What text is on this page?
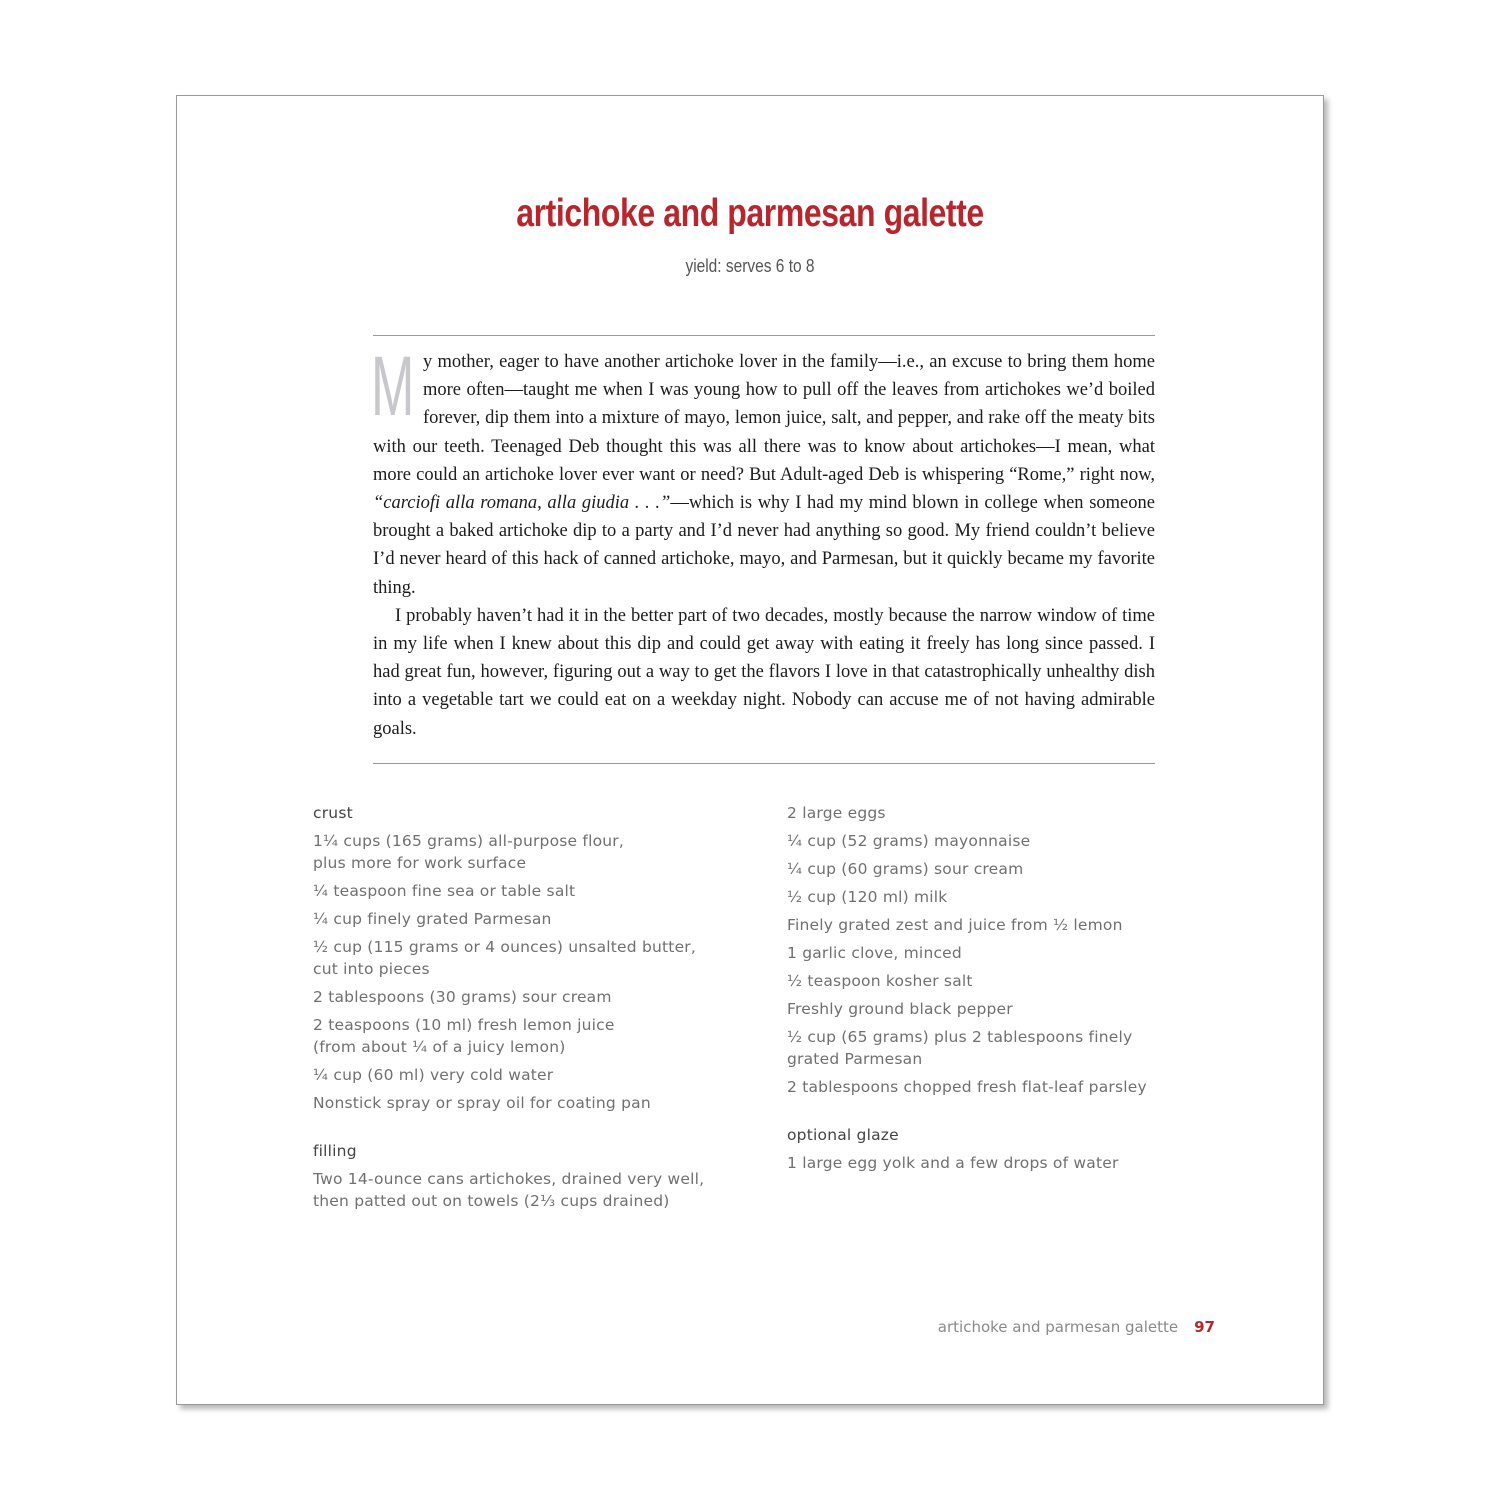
artichoke and parmesan galette
yield: serves 6 to 8

My mother, eager to have another artichoke lover in the family—i.e., an excuse to bring them home more often—taught me when I was young how to pull off the leaves from artichokes we’d boiled forever, dip them into a mixture of mayo, lemon juice, salt, and pepper, and rake off the meaty bits with our teeth. Teenaged Deb thought this was all there was to know about artichokes—I mean, what more could an artichoke lover ever want or need? But Adult-aged Deb is whispering “Rome,” right now, “carciofi alla romana, alla giudia . . .”—which is why I had my mind blown in college when someone brought a baked artichoke dip to a party and I’d never had anything so good. My friend couldn’t believe I’d never heard of this hack of canned artichoke, mayo, and Parmesan, but it quickly became my favorite thing.

I probably haven’t had it in the better part of two decades, mostly because the narrow window of time in my life when I knew about this dip and could get away with eating it freely has long since passed. I had great fun, however, figuring out a way to get the flavors I love in that catastrophically unhealthy dish into a vegetable tart we could eat on a weekday night. Nobody can accuse me of not having admirable goals.

crust
1¼ cups (165 grams) all-purpose flour,
plus more for work surface
¼ teaspoon fine sea or table salt
¼ cup finely grated Parmesan
½ cup (115 grams or 4 ounces) unsalted butter,
cut into pieces
2 tablespoons (30 grams) sour cream
2 teaspoons (10 ml) fresh lemon juice
(from about ¼ of a juicy lemon)
¼ cup (60 ml) very cold water
Nonstick spray or spray oil for coating pan
filling
Two 14-ounce cans artichokes, drained very well,
then patted out on towels (2⅓ cups drained)
2 large eggs
¼ cup (52 grams) mayonnaise
¼ cup (60 grams) sour cream
½ cup (120 ml) milk
Finely grated zest and juice from ½ lemon
1 garlic clove, minced
½ teaspoon kosher salt
Freshly ground black pepper
½ cup (65 grams) plus 2 tablespoons finely
grated Parmesan
2 tablespoons chopped fresh flat-leaf parsley
optional glaze
1 large egg yolk and a few drops of water
artichoke and parmesan galette 97
